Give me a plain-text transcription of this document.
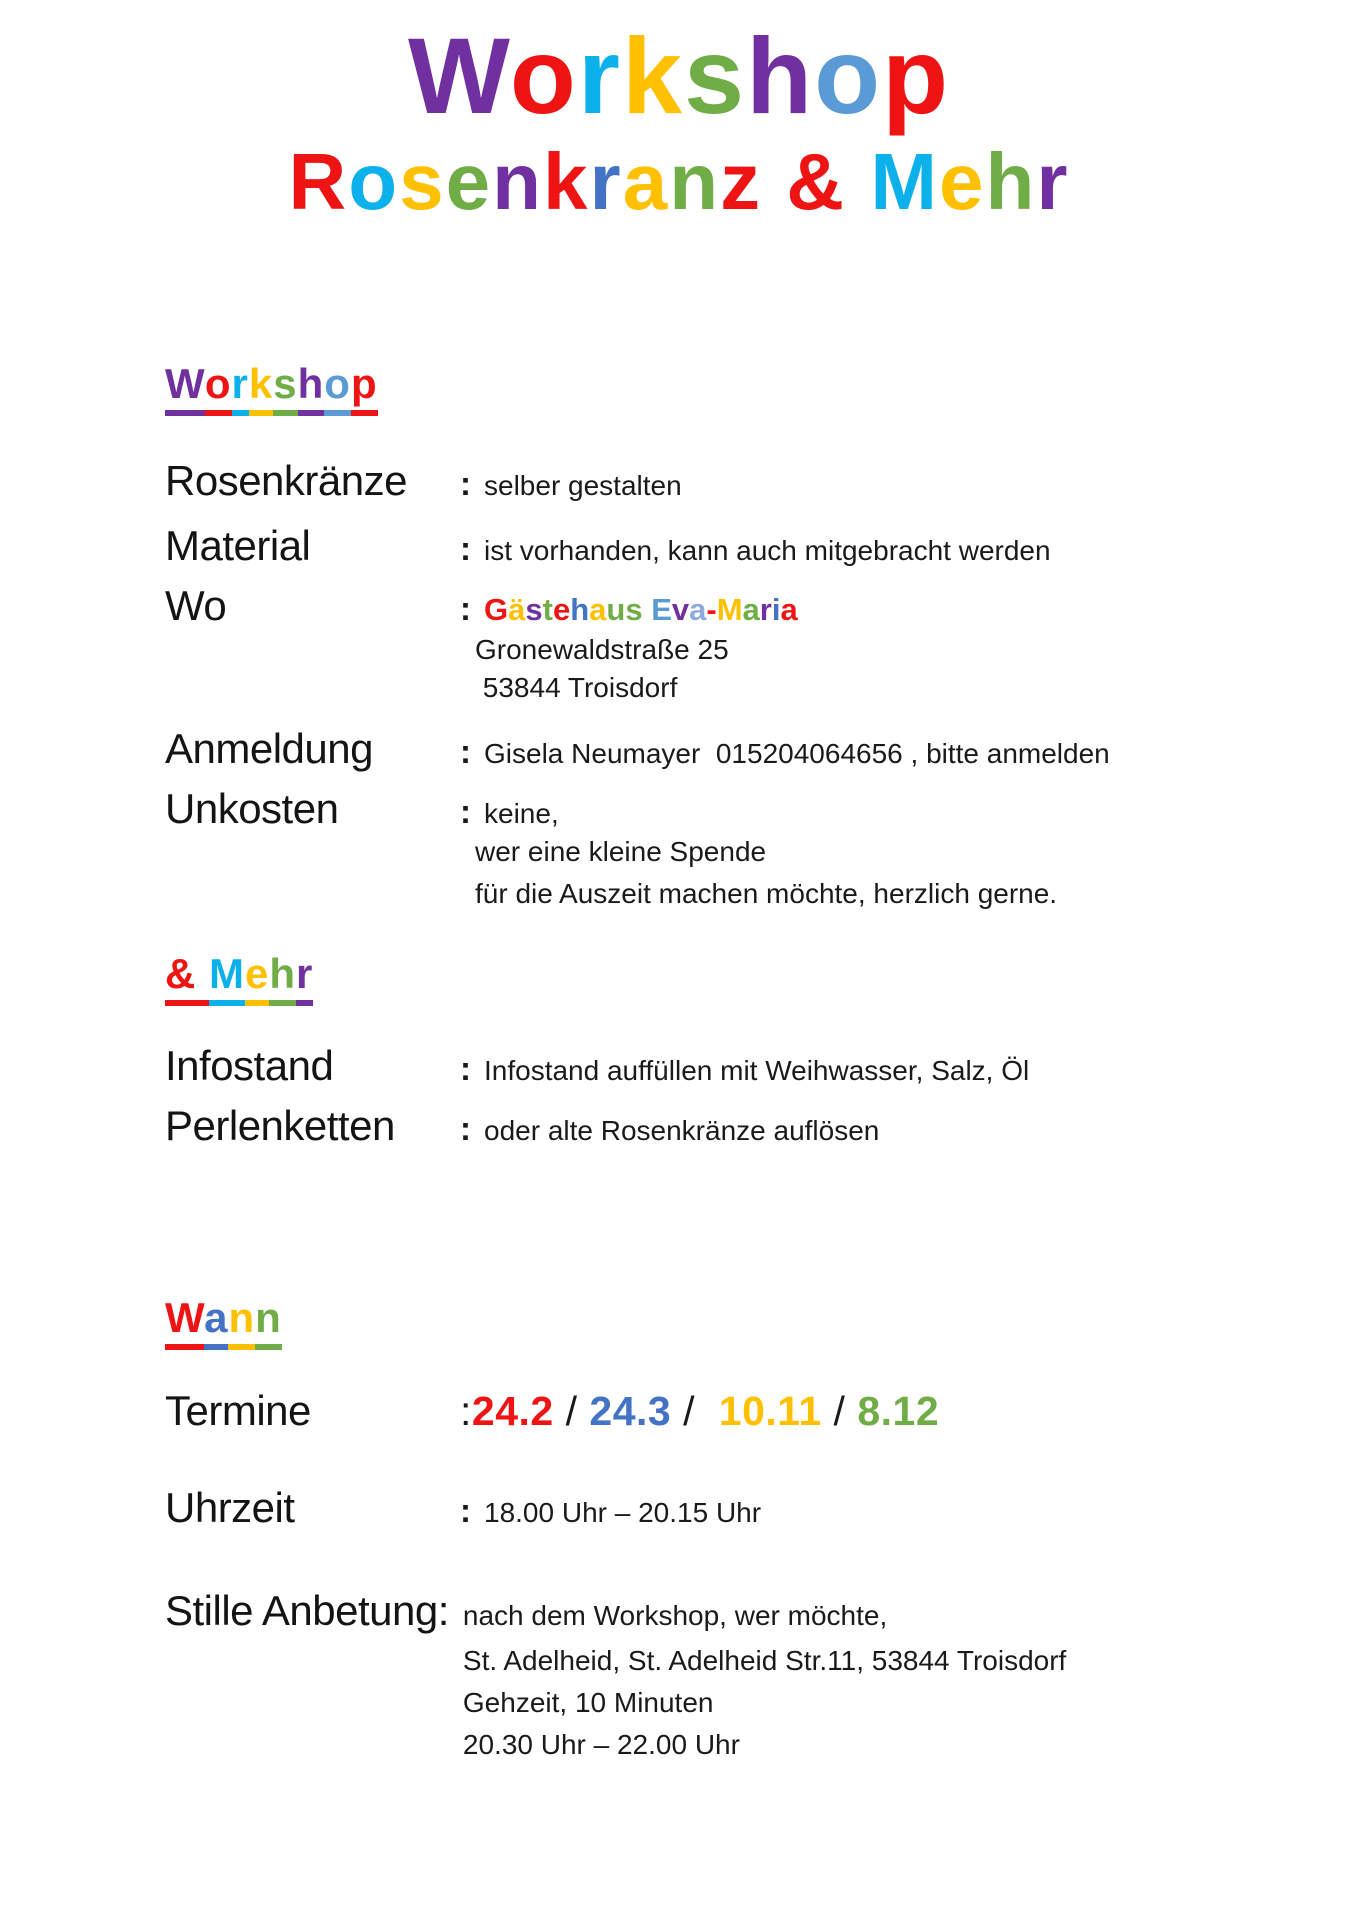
Workshop
Rosenkranz & Mehr
Workshop
Rosenkränze	: selber gestalten
Material	: ist vorhanden, kann auch mitgebracht werden
Wo	: Gästehaus Eva-Maria
Gronewaldstraße 25
53844 Troisdorf
Anmeldung	: Gisela Neumayer  015204064656 , bitte anmelden
Unkosten	: keine,
wer eine kleine Spende
für die Auszeit machen möchte, herzlich gerne.
& Mehr
Infostand	: Infostand auffüllen mit Weihwasser, Salz, Öl
Perlenketten	: oder alte Rosenkränze auflösen
Wann
Termine	:24.2 / 24.3 /  10.11 / 8.12
Uhrzeit	: 18.00 Uhr – 20.15 Uhr
Stille Anbetung: nach dem Workshop, wer möchte,
St. Adelheid, St. Adelheid Str.11, 53844 Troisdorf
Gehzeit, 10 Minuten
20.30 Uhr – 22.00 Uhr
